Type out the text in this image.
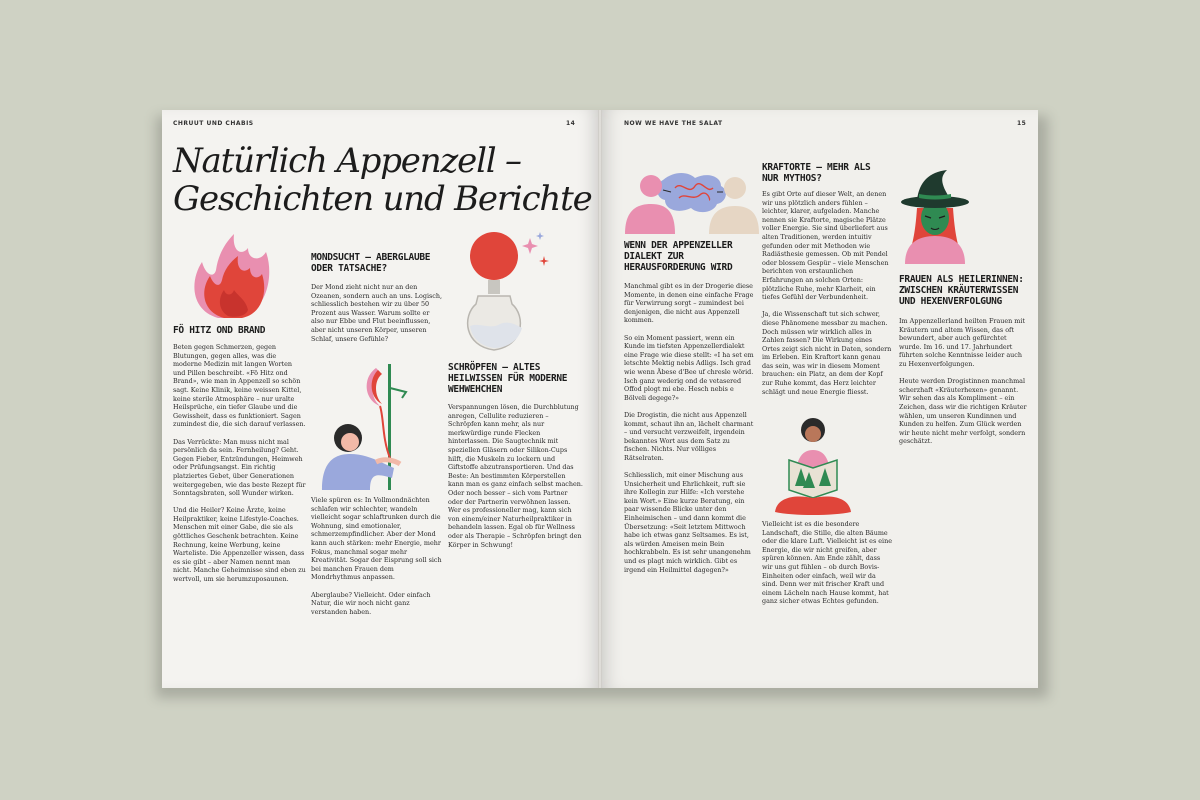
CHRUUT UND CHABIS	14
Natürlich Appenzell –
Geschichten und Berichte
FÖ HITZ OND BRAND

Beten gegen Schmerzen, gegen Blutungen, gegen alles, was die moderne Medizin mit langen Worten und Pillen beschreibt. «Fö Hitz ond Brand», wie man in Appenzell so schön sagt. Keine Klinik, keine weissen Kittel, keine sterile Atmosphäre – nur uralte Heilsprüche, ein tiefer Glaube und die Gewissheit, dass es funktioniert. Sagen zumindest die, die sich darauf verlassen.

Das Verrückte: Man muss nicht mal persönlich da sein. Fernheilung? Geht. Gegen Fieber, Entzündungen, Heimweh oder Prüfungsangst. Ein richtig platziertes Gebet, über Generationen weitergegeben, wie das beste Rezept für Sonntagsbraten, soll Wunder wirken.

Und die Heiler? Keine Ärzte, keine Heilpraktiker, keine Lifestyle-Coaches. Menschen mit einer Gabe, die sie als göttliches Geschenk betrachten. Keine Rechnung, keine Werbung, keine Warteliste. Die Appenzeller wissen, dass es sie gibt – aber Namen nennt man nicht. Manche Geheimnisse sind eben zu wertvoll, um sie herumzuposaunen.

MONDSUCHT – ABERGLAUBE ODER TATSACHE?

Der Mond zieht nicht nur an den Ozeanen, sondern auch an uns. Logisch, schliesslich bestehen wir zu über 50 Prozent aus Wasser. Warum sollte er also nur Ebbe und Flut beeinflussen, aber nicht unseren Körper, unseren Schlaf, unsere Gefühle?

Viele spüren es: In Vollmondnächten schlafen wir schlechter, wandeln vielleicht sogar schlaftrunken durch die Wohnung, sind emotionaler, schmerzempfindlicher. Aber der Mond kann auch stärken: mehr Energie, mehr Fokus, manchmal sogar mehr Kreativität. Sogar der Eisprung soll sich bei manchen Frauen dem Mondrhythmus anpassen.

Aberglaube? Vielleicht. Oder einfach Natur, die wir noch nicht ganz verstanden haben.

SCHRÖPFEN – ALTES HEILWISSEN FÜR MODERNE WEHWEHCHEN

Verspannungen lösen, die Durchblutung anregen, Cellulite reduzieren – Schröpfen kann mehr, als nur merkwürdige runde Flecken hinterlassen. Die Saugtechnik mit speziellen Gläsern oder Silikon-Cups hilft, die Muskeln zu lockern und Giftstoffe abzutransportieren. Und das Beste: An bestimmten Körperstellen kann man es ganz einfach selbst machen. Oder noch besser – sich vom Partner oder der Partnerin verwöhnen lassen. Wer es professioneller mag, kann sich von einem/einer Naturheilpraktiker in behandeln lassen. Egal ob für Wellness oder als Therapie – Schröpfen bringt den Körper in Schwung!

NOW WE HAVE THE SALAT	15
WENN DER APPENZELLER DIALEKT ZUR HERAUSFORDERUNG WIRD

Manchmal gibt es in der Drogerie diese Momente, in denen eine einfache Frage für Verwirrung sorgt – zumindest bei denjenigen, die nicht aus Appenzell kommen.

So ein Moment passiert, wenn ein Kunde im tiefsten Appenzellerdialekt eine Frage wie diese stellt: «I ha set em letschte Mektig nebis Adligs. Isch grad wie wenn Äbese d'Bee uf chresle wörid. Isch ganz wederig ond de vetasered Offod plogt mi ebe. Hesch nebis e Bölveli degege?»

Die Drogistin, die nicht aus Appenzell kommt, schaut ihn an, lächelt charmant – und versucht verzweifelt, irgendein bekanntes Wort aus dem Satz zu fischen. Nichts. Nur völliges Rätselraten.

Schliesslich, mit einer Mischung aus Unsicherheit und Ehrlichkeit, ruft sie ihre Kollegin zur Hilfe: «Ich verstehe kein Wort.» Eine kurze Beratung, ein paar wissende Blicke unter den Einheimischen – und dann kommt die Übersetzung: «Seit letztem Mittwoch habe ich etwas ganz Seltsames. Es ist, als würden Ameisen mein Bein hochkrabbeln. Es ist sehr unangenehm und es plagt mich wirklich. Gibt es irgend ein Heilmittel dagegen?»

KRAFTORTE – MEHR ALS NUR MYTHOS?

Es gibt Orte auf dieser Welt, an denen wir uns plötzlich anders fühlen – leichter, klarer, aufgeladen. Manche nennen sie Kraftorte, magische Plätze voller Energie. Sie sind überliefert aus alten Traditionen, werden intuitiv gefunden oder mit Methoden wie Radiästhesie gemessen. Ob mit Pendel oder blossem Gespür – viele Menschen berichten von erstaunlichen Erfahrungen an solchen Orten: plötzliche Ruhe, mehr Klarheit, ein tiefes Gefühl der Verbundenheit.

Ja, die Wissenschaft tut sich schwer, diese Phänomene messbar zu machen. Doch müssen wir wirklich alles in Zahlen fassen? Die Wirkung eines Ortes zeigt sich nicht in Daten, sondern im Erleben. Ein Kraftort kann genau das sein, was wir in diesem Moment brauchen: ein Platz, an dem der Kopf zur Ruhe kommt, das Herz leichter schlägt und neue Energie fliesst.

Vielleicht ist es die besondere Landschaft, die Stille, die alten Bäume oder die klare Luft. Vielleicht ist es eine Energie, die wir nicht greifen, aber spüren können. Am Ende zählt, dass wir uns gut fühlen – ob durch Bovis-Einheiten oder einfach, weil wir da sind. Denn wer mit frischer Kraft und einem Lächeln nach Hause kommt, hat ganz sicher etwas Echtes gefunden.

FRAUEN ALS HEILERINNEN: ZWISCHEN KRÄUTERWISSEN UND HEXENVERFOLGUNG

Im Appenzellerland heilten Frauen mit Kräutern und altem Wissen, das oft bewundert, aber auch gefürchtet wurde. Im 16. und 17. Jahrhundert führten solche Kenntnisse leider auch zu Hexenverfolgungen.

Heute werden Drogistinnen manchmal scherzhaft «Kräuterhexen» genannt. Wir sehen das als Kompliment – ein Zeichen, dass wir die richtigen Kräuter wählen, um unseren Kundinnen und Kunden zu helfen. Zum Glück werden wir heute nicht mehr verfolgt, sondern geschätzt.
